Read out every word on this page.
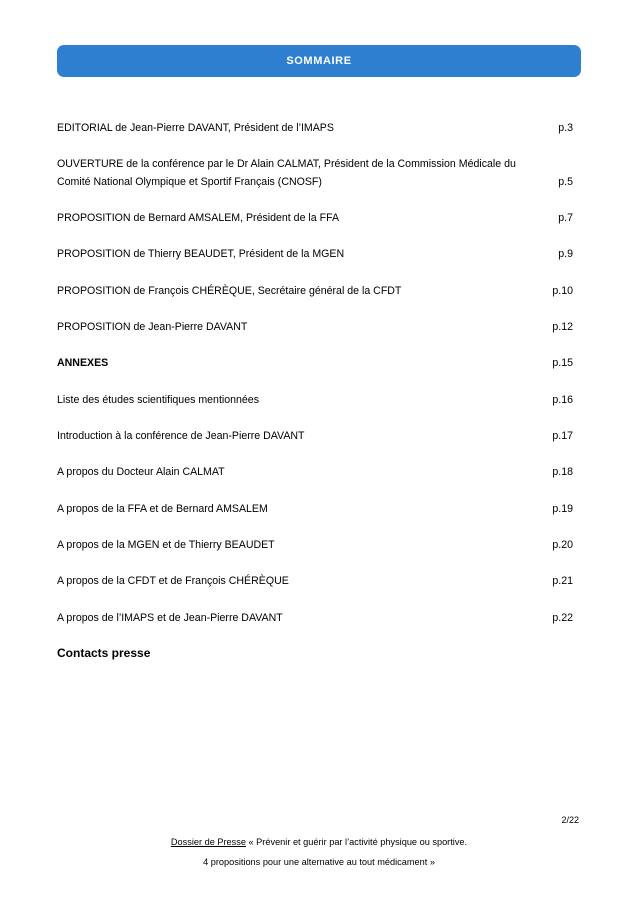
SOMMAIRE
EDITORIAL de Jean-Pierre DAVANT, Président de l’IMAPS	p.3
OUVERTURE de la conférence par le Dr Alain CALMAT, Président de la Commission Médicale du Comité National Olympique et Sportif Français (CNOSF)	p.5
PROPOSITION de Bernard AMSALEM, Président de la FFA	p.7
PROPOSITION de Thierry BEAUDET, Président de la MGEN	p.9
PROPOSITION de François CHÉRÈQUE, Secrétaire général de la CFDT	p.10
PROPOSITION de Jean-Pierre DAVANT	p.12
ANNEXES	p.15
Liste des études scientifiques mentionnées	p.16
Introduction à la conférence de Jean-Pierre DAVANT	p.17
A propos du Docteur Alain CALMAT	p.18
A propos de la FFA et de Bernard AMSALEM	p.19
A propos de la MGEN et de Thierry BEAUDET	p.20
A propos de la CFDT et de François CHÉRÈQUE	p.21
A propos de l’IMAPS et de Jean-Pierre DAVANT	p.22
Contacts presse
2/22
Dossier de Presse « Prévenir et guérir par l’activité physique ou sportive.
4 propositions pour une alternative au tout médicament »
